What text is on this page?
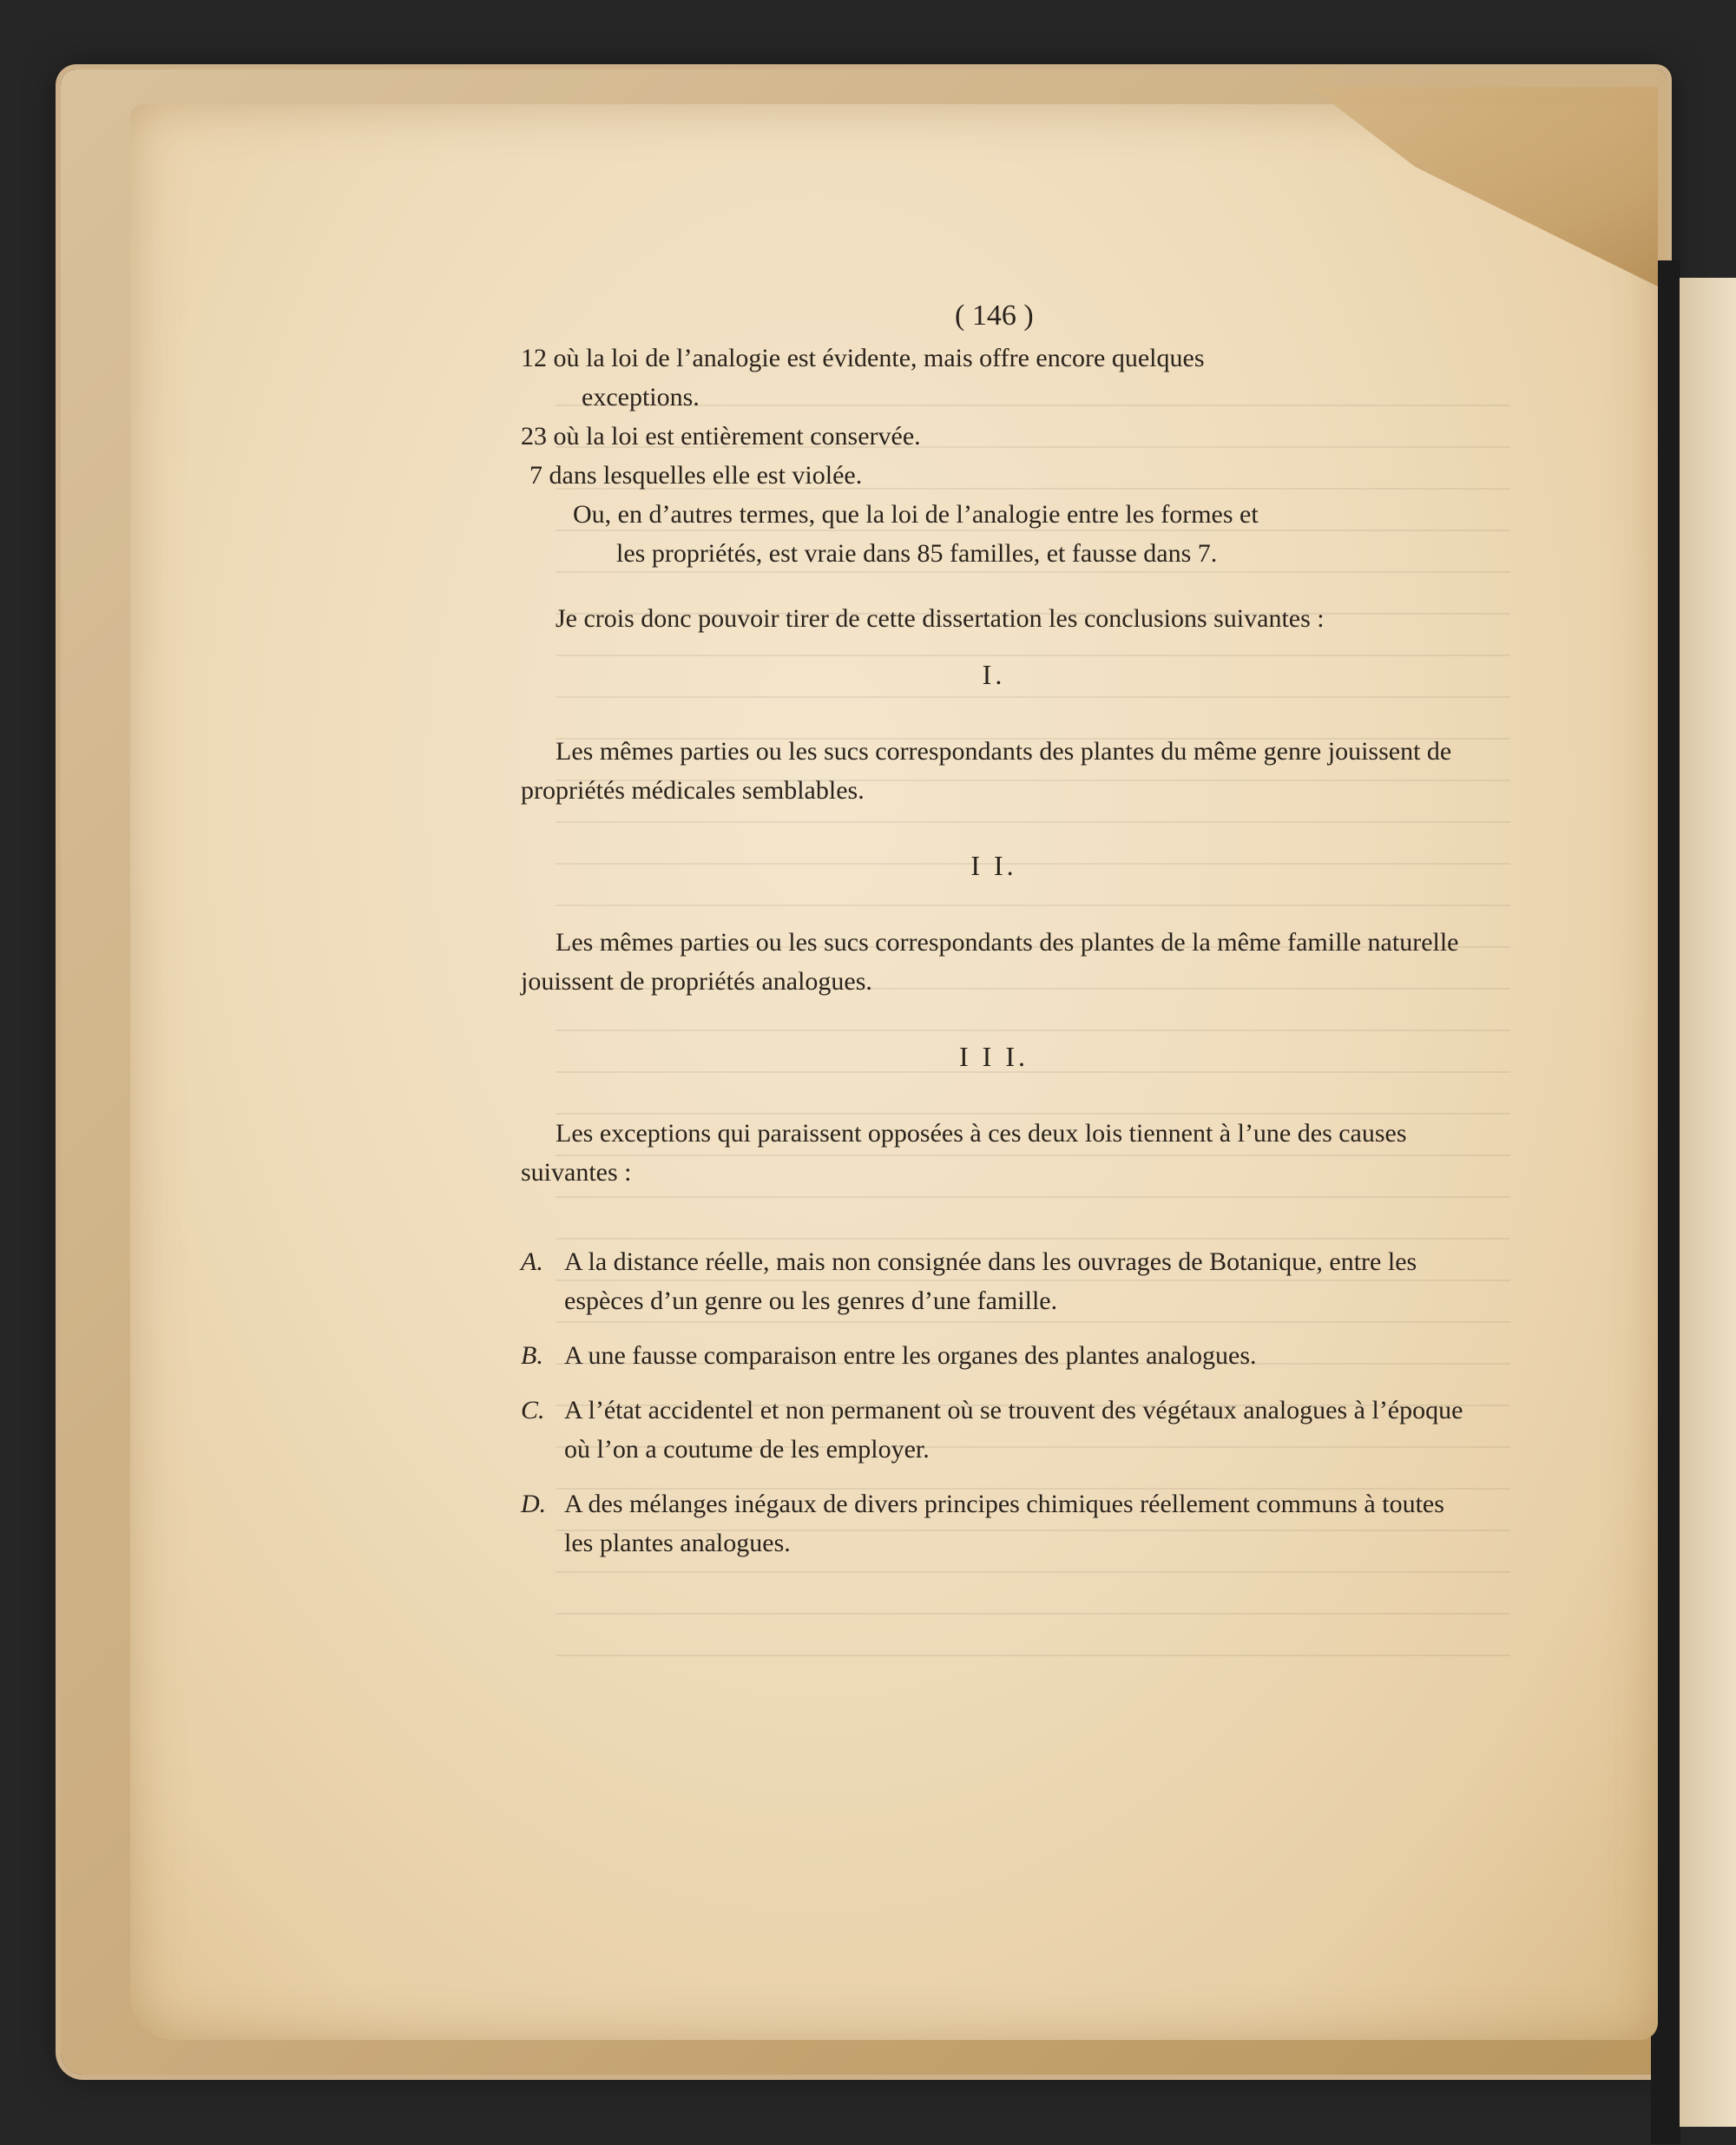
( 146 )

12 où la loi de l’analogie est évidente, mais offre encore quelques

exceptions.

23 où la loi est entièrement conservée.

7 dans lesquelles elle est violée.

Ou, en d’autres termes, que la loi de l’analogie entre les formes et

les propriétés, est vraie dans 85 familles, et fausse dans 7.

Je crois donc pouvoir tirer de cette dissertation les conclusions suivantes :

I.

Les mêmes parties ou les sucs correspondants des plantes du même genre jouissent de propriétés médicales semblables.

I I.

Les mêmes parties ou les sucs correspondants des plantes de la même famille naturelle jouissent de propriétés analogues.

I I I.

Les exceptions qui paraissent opposées à ces deux lois tiennent à l’une des causes suivantes :

A. A la distance réelle, mais non consignée dans les ouvrages de Botanique, entre les espèces d’un genre ou les genres d’une famille.
B. A une fausse comparaison entre les organes des plantes analogues.
C. A l’état accidentel et non permanent où se trouvent des végétaux analogues à l’époque où l’on a coutume de les employer.
D. A des mélanges inégaux de divers principes chimiques réellement communs à toutes les plantes analogues.
